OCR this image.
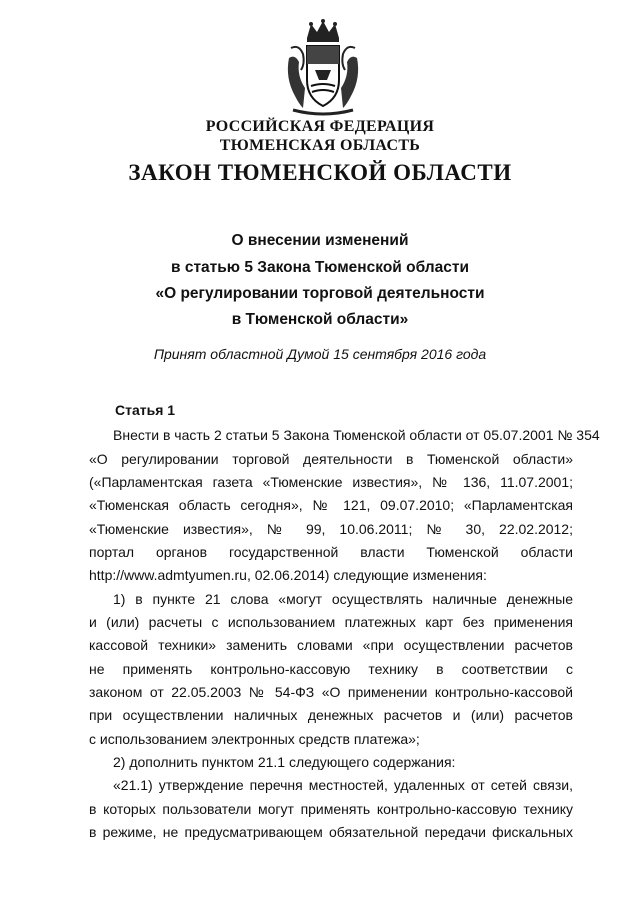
РОССИЙСКАЯ ФЕДЕРАЦИЯ
ТЮМЕНСКАЯ ОБЛАСТЬ
ЗАКОН ТЮМЕНСКОЙ ОБЛАСТИ
О внесении изменений
в статью 5 Закона Тюменской области
«О регулировании торговой деятельности
в Тюменской области»
Принят областной Думой 15 сентября 2016 года
Статья 1
Внести в часть 2 статьи 5 Закона Тюменской области от 05.07.2001 № 354
«О регулировании торговой деятельности в Тюменской области»
(«Парламентская газета «Тюменские известия», № 136, 11.07.2001;
«Тюменская область сегодня», № 121, 09.07.2010; «Парламентская
«Тюменские известия», № 99, 10.06.2011; № 30, 22.02.2012;
портал органов государственной власти Тюменской области
http://www.admtyumen.ru, 02.06.2014) следующие изменения:
1) в пункте 21 слова «могут осуществлять наличные денежные
и (или) расчеты с использованием платежных карт без применения
кассовой техники» заменить словами «при осуществлении расчетов
не применять контрольно-кассовую технику в соответствии с
законом от 22.05.2003 № 54-ФЗ «О применении контрольно-кассовой
при осуществлении наличных денежных расчетов и (или) расчетов
с использованием электронных средств платежа»;
2) дополнить пунктом 21.1 следующего содержания:
«21.1) утверждение перечня местностей, удаленных от сетей связи,
в которых пользователи могут применять контрольно-кассовую технику
в режиме, не предусматривающем обязательной передачи фискальных
